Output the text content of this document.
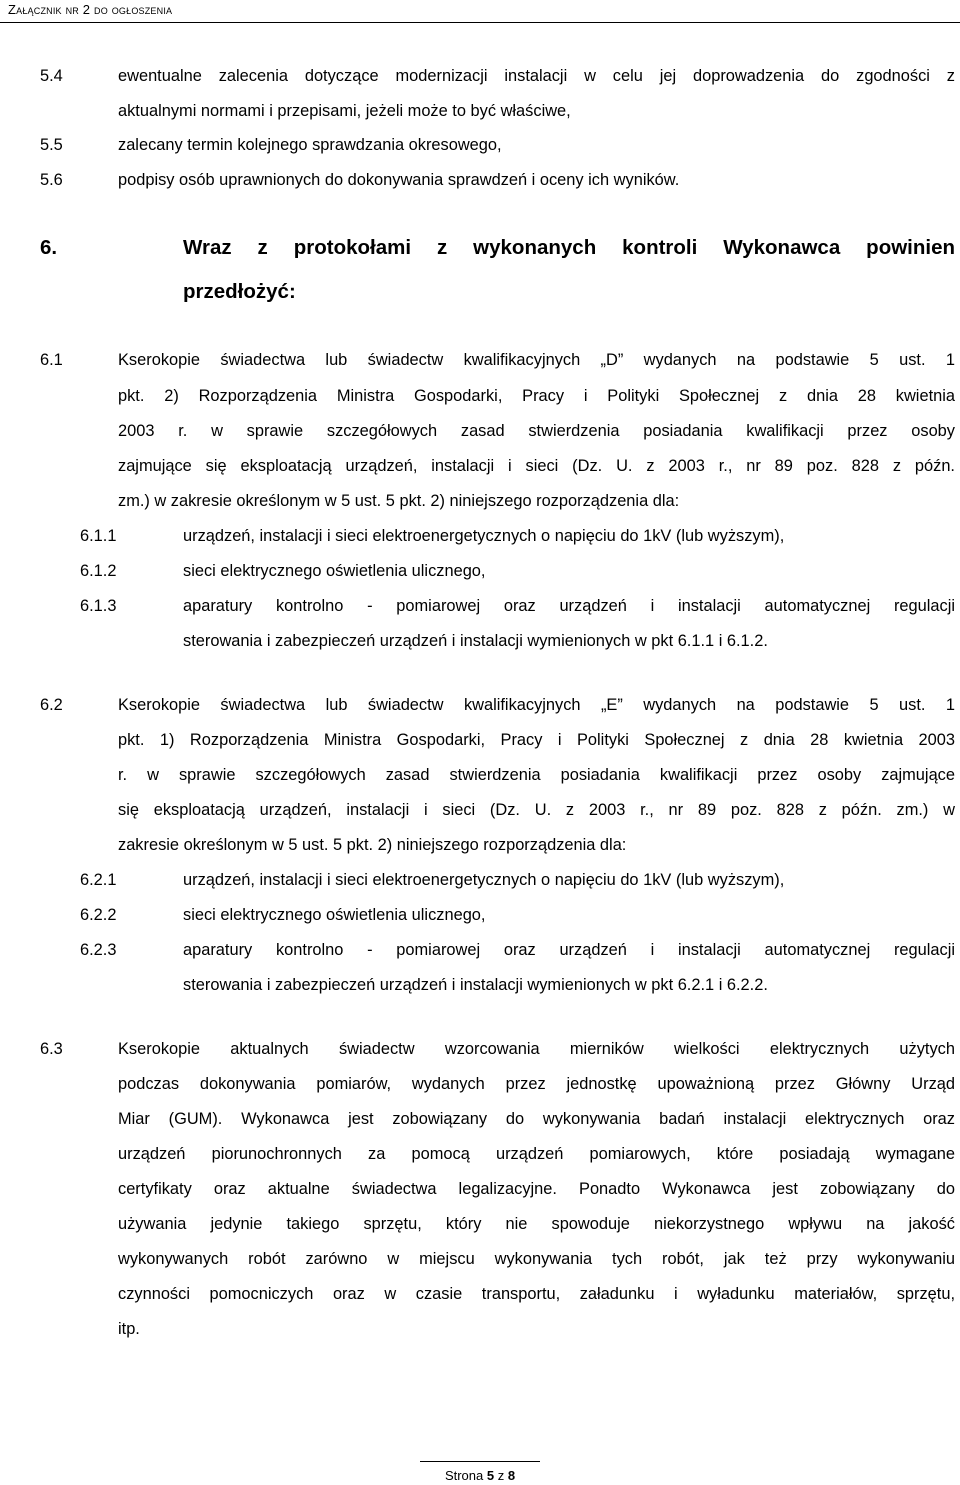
Załącznik nr 2 do ogłoszenia
5.4	ewentualne zalecenia dotyczące modernizacji instalacji w celu jej doprowadzenia do zgodności z
aktualnymi normami i przepisami, jeżeli może to być właściwe,
5.5	zalecany termin kolejnego sprawdzania okresowego,
5.6	podpisy osób uprawnionych do dokonywania sprawdzeń i oceny ich wyników.
6.	Wraz z protokołami z wykonanych kontroli Wykonawca powinien
przedłożyć:
6.1	Kserokopie świadectwa lub świadectw kwalifikacyjnych „D” wydanych na podstawie 5 ust. 1
pkt. 2) Rozporządzenia Ministra Gospodarki, Pracy i Polityki Społecznej z dnia 28 kwietnia
2003 r. w sprawie szczegółowych zasad stwierdzenia posiadania kwalifikacji przez osoby
zajmujące się eksploatacją urządzeń, instalacji i sieci (Dz. U. z 2003 r., nr 89 poz. 828 z późn.
zm.) w zakresie określonym w 5 ust. 5 pkt. 2) niniejszego rozporządzenia dla:
6.1.1	urządzeń, instalacji i sieci elektroenergetycznych o napięciu do 1kV (lub wyższym),
6.1.2	sieci elektrycznego oświetlenia ulicznego,
6.1.3	aparatury kontrolno - pomiarowej oraz urządzeń i instalacji automatycznej regulacji
sterowania i zabezpieczeń urządzeń i instalacji wymienionych w pkt 6.1.1 i 6.1.2.
6.2	Kserokopie świadectwa lub świadectw kwalifikacyjnych „E” wydanych na podstawie 5 ust. 1
pkt. 1) Rozporządzenia Ministra Gospodarki, Pracy i Polityki Społecznej z dnia 28 kwietnia 2003
r. w sprawie szczegółowych zasad stwierdzenia posiadania kwalifikacji przez osoby zajmujące
się eksploatacją urządzeń, instalacji i sieci (Dz. U. z 2003 r., nr 89 poz. 828 z późn. zm.) w
zakresie określonym w 5 ust. 5 pkt. 2) niniejszego rozporządzenia dla:
6.2.1	urządzeń, instalacji i sieci elektroenergetycznych o napięciu do 1kV (lub wyższym),
6.2.2	sieci elektrycznego oświetlenia ulicznego,
6.2.3	aparatury kontrolno - pomiarowej oraz urządzeń i instalacji automatycznej regulacji
sterowania i zabezpieczeń urządzeń i instalacji wymienionych w pkt 6.2.1 i 6.2.2.
6.3	Kserokopie aktualnych świadectw wzorcowania mierników wielkości elektrycznych użytych
podczas dokonywania pomiarów, wydanych przez jednostkę upoważnioną przez Główny Urząd
Miar (GUM). Wykonawca jest zobowiązany do wykonywania badań instalacji elektrycznych oraz
urządzeń piorunochronnych za pomocą urządzeń pomiarowych, które posiadają wymagane
certyfikaty oraz aktualne świadectwa legalizacyjne. Ponadto Wykonawca jest zobowiązany do
używania jedynie takiego sprzętu, który nie spowoduje niekorzystnego wpływu na jakość
wykonywanych robót zarówno w miejscu wykonywania tych robót, jak też przy wykonywaniu
czynności pomocniczych oraz w czasie transportu, załadunku i wyładunku materiałów, sprzętu,
itp.
Strona 5 z 8
